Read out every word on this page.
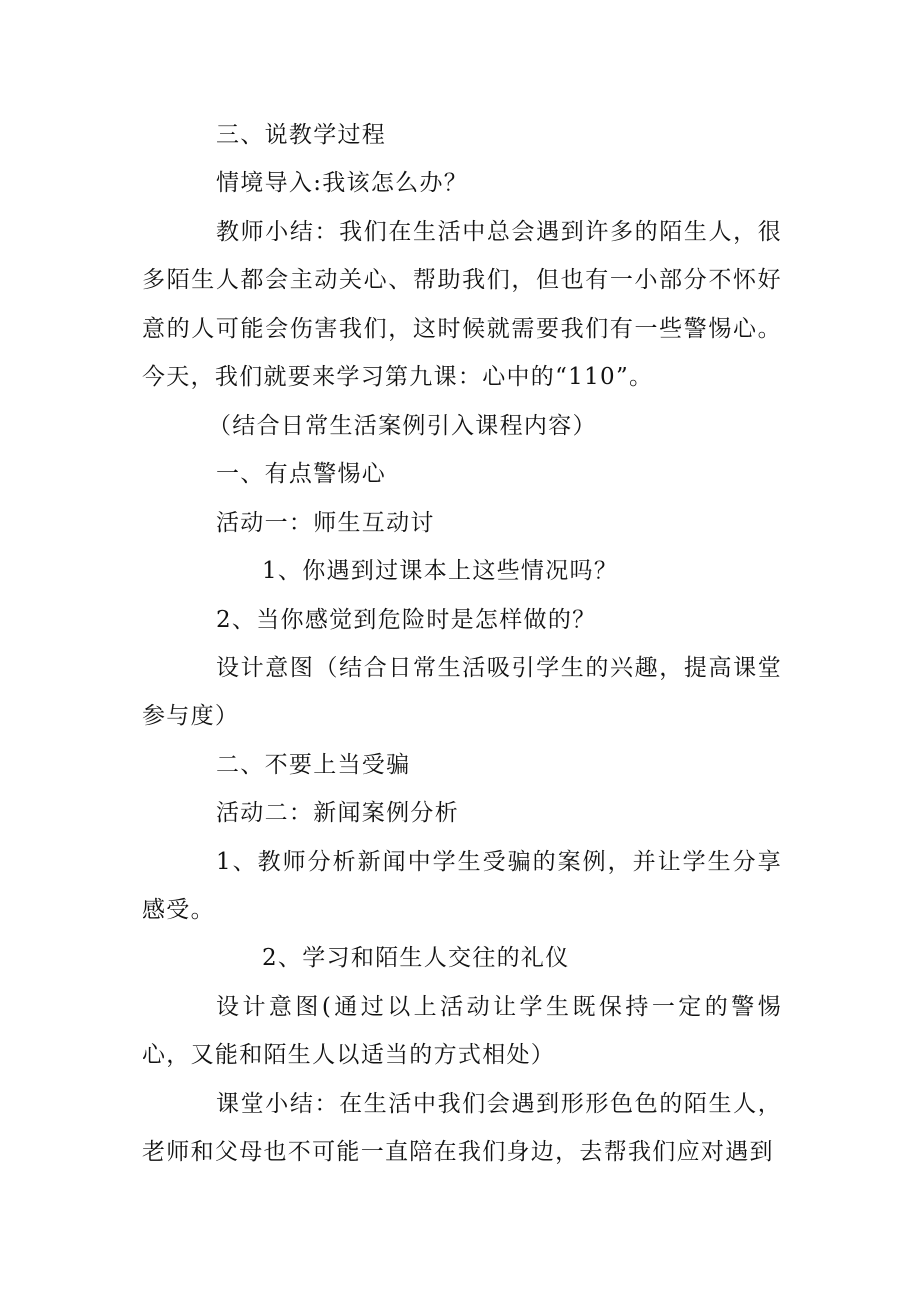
三、说教学过程

情境导入:我该怎么办？

教师小结：我们在生活中总会遇到许多的陌生人，很多陌生人都会主动关心、帮助我们，但也有一小部分不怀好意的人可能会伤害我们，这时候就需要我们有一些警惕心。今天，我们就要来学习第九课：心中的“110”。

（结合日常生活案例引入课程内容）

一、有点警惕心

活动一：师生互动讨

1、你遇到过课本上这些情况吗？

2、当你感觉到危险时是怎样做的？

设计意图（结合日常生活吸引学生的兴趣，提高课堂参与度）

二、不要上当受骗

活动二：新闻案例分析

1、教师分析新闻中学生受骗的案例，并让学生分享感受。

2、学习和陌生人交往的礼仪

设计意图(通过以上活动让学生既保持一定的警惕心，又能和陌生人以适当的方式相处）

课堂小结：在生活中我们会遇到形形色色的陌生人，老师和父母也不可能一直陪在我们身边，去帮我们应对遇到
